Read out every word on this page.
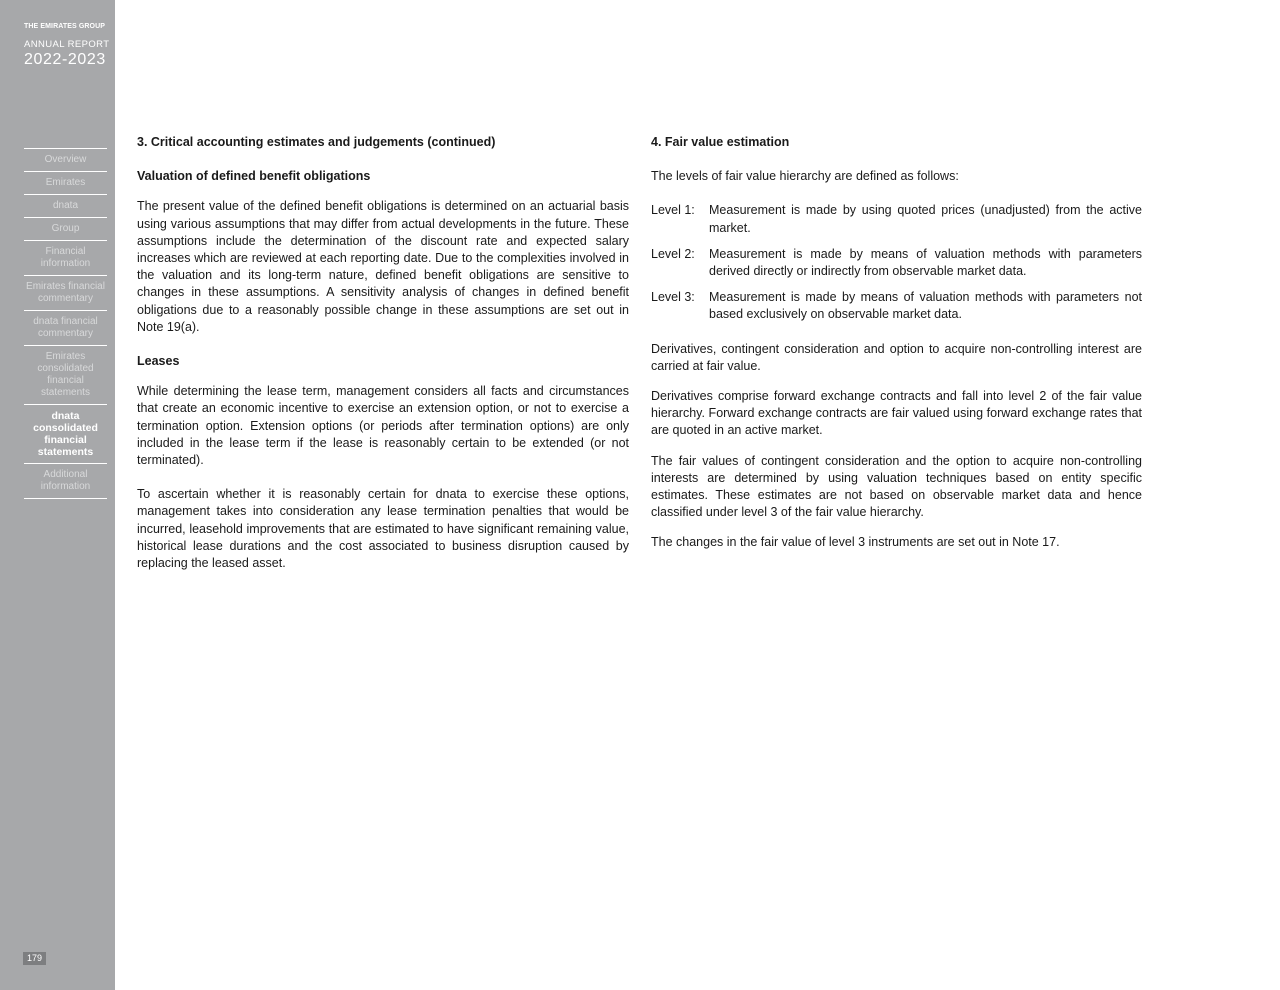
THE EMIRATES GROUP
ANNUAL REPORT
2022-2023
Overview
Emirates
dnata
Group
Financial information
Emirates financial commentary
dnata financial commentary
Emirates consolidated financial statements
dnata consolidated financial statements
Additional information
179
3. Critical accounting estimates and judgements (continued)
Valuation of defined benefit obligations

The present value of the defined benefit obligations is determined on an actuarial basis using various assumptions that may differ from actual developments in the future. These assumptions include the determination of the discount rate and expected salary increases which are reviewed at each reporting date. Due to the complexities involved in the valuation and its long-term nature, defined benefit obligations are sensitive to changes in these assumptions. A sensitivity analysis of changes in defined benefit obligations due to a reasonably possible change in these assumptions are set out in Note 19(a).

Leases

While determining the lease term, management considers all facts and circumstances that create an economic incentive to exercise an extension option, or not to exercise a termination option. Extension options (or periods after termination options) are only included in the lease term if the lease is reasonably certain to be extended (or not terminated).

To ascertain whether it is reasonably certain for dnata to exercise these options, management takes into consideration any lease termination penalties that would be incurred, leasehold improvements that are estimated to have significant remaining value, historical lease durations and the cost associated to business disruption caused by replacing the leased asset.

4. Fair value estimation

The levels of fair value hierarchy are defined as follows:

Level 1:	Measurement is made by using quoted prices (unadjusted) from the active market.
Level 2:	Measurement is made by means of valuation methods with parameters derived directly or indirectly from observable market data.
Level 3:	Measurement is made by means of valuation methods with parameters not based exclusively on observable market data.

Derivatives, contingent consideration and option to acquire non-controlling interest are carried at fair value.

Derivatives comprise forward exchange contracts and fall into level 2 of the fair value hierarchy. Forward exchange contracts are fair valued using forward exchange rates that are quoted in an active market.

The fair values of contingent consideration and the option to acquire non-controlling interests are determined by using valuation techniques based on entity specific estimates. These estimates are not based on observable market data and hence classified under level 3 of the fair value hierarchy.

The changes in the fair value of level 3 instruments are set out in Note 17.
